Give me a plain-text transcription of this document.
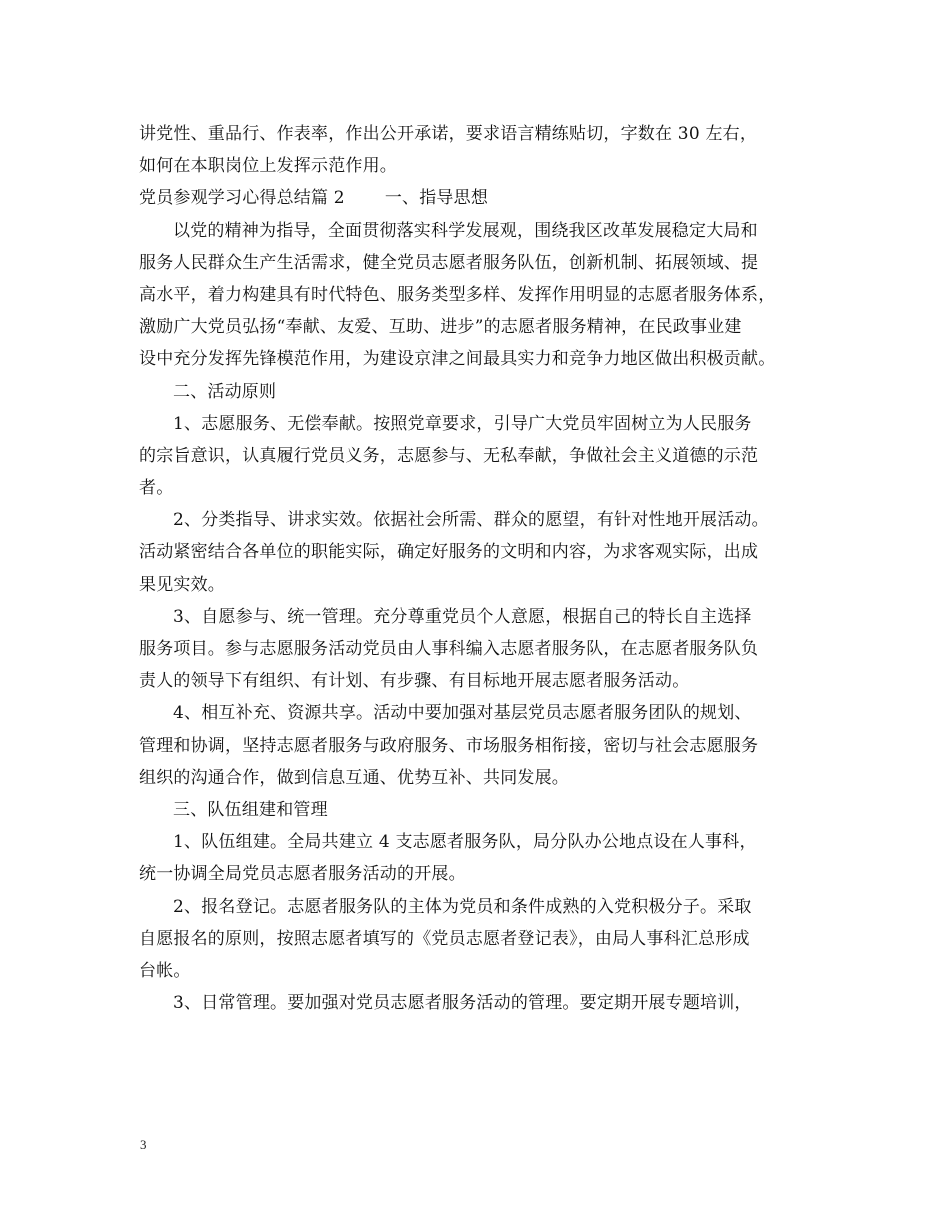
讲党性、重品行、作表率，作出公开承诺，要求语言精练贴切，字数在 30 左右，
如何在本职岗位上发挥示范作用。
党员参观学习心得总结篇 2 一、指导思想
以党的精神为指导，全面贯彻落实科学发展观，围绕我区改革发展稳定大局和
服务人民群众生产生活需求，健全党员志愿者服务队伍，创新机制、拓展领域、提
高水平，着力构建具有时代特色、服务类型多样、发挥作用明显的志愿者服务体系，
激励广大党员弘扬“奉献、友爱、互助、进步”的志愿者服务精神，在民政事业建
设中充分发挥先锋模范作用，为建设京津之间最具实力和竞争力地区做出积极贡献。
二、活动原则
1、志愿服务、无偿奉献。按照党章要求，引导广大党员牢固树立为人民服务
的宗旨意识，认真履行党员义务，志愿参与、无私奉献，争做社会主义道德的示范
者。
2、分类指导、讲求实效。依据社会所需、群众的愿望，有针对性地开展活动。
活动紧密结合各单位的职能实际，确定好服务的文明和内容，为求客观实际，出成
果见实效。
3、自愿参与、统一管理。充分尊重党员个人意愿，根据自己的特长自主选择
服务项目。参与志愿服务活动党员由人事科编入志愿者服务队，在志愿者服务队负
责人的领导下有组织、有计划、有步骤、有目标地开展志愿者服务活动。
4、相互补充、资源共享。活动中要加强对基层党员志愿者服务团队的规划、
管理和协调，坚持志愿者服务与政府服务、市场服务相衔接，密切与社会志愿服务
组织的沟通合作，做到信息互通、优势互补、共同发展。
三、队伍组建和管理
1、队伍组建。全局共建立 4 支志愿者服务队，局分队办公地点设在人事科，
统一协调全局党员志愿者服务活动的开展。
2、报名登记。志愿者服务队的主体为党员和条件成熟的入党积极分子。采取
自愿报名的原则，按照志愿者填写的《党员志愿者登记表》，由局人事科汇总形成
台帐。
3、日常管理。要加强对党员志愿者服务活动的管理。要定期开展专题培训，
3
